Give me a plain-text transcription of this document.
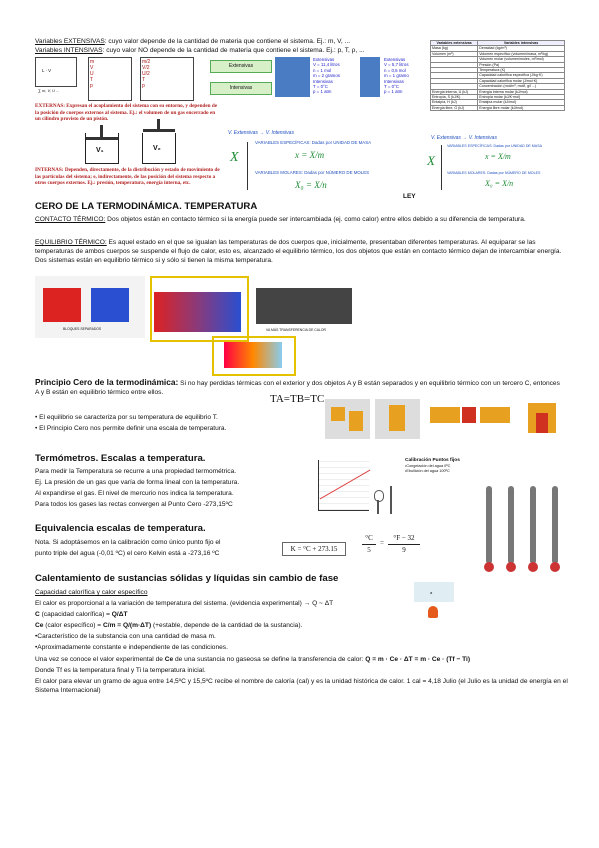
Variables EXTENSIVAS: cuyo valor depende de la cantidad de materia que contiene el sistema. Ej.: m, V, ...
Variables INTENSIVAS: cuyo valor NO depende de la cantidad de materia que contiene el sistema. Ej.: p, T, ρ, ...
L · V
∑ m, V, U ...
m
V
U
T
p
m/2
V/2
U/2
T
p
Extensivas
Intensivas
Extensivas
V = 11,4 litros
n = 1 mol
m = 2 gramos
Intensivas
T = 0°C
p = 1 atm
Extensivas
V = 5,7 litros
n = 0,5 mol
m = 1 gramo
Intensivas
T = 0°C
p = 1 atm
Variables extensivas	Variables intensivas
Masa (kg)	Densidad (kg/m³)
Volumen (m³)	Volumen específico (volumen/masa, m³/kg)
	Volumen molar (volumen/moles, m³/mol)
	Presión (Pa)
	Temperatura (K)
	Capacidad calorífica específica (J/kg·K)
	Capacidad calorífica molar (J/mol·K)
	Concentración (mol/m³, mol/l, g/l ...)
Energía interna, U (kJ)	Energía interna molar (kJ/mol)
Entropía, S (kJ/K)	Entropía molar (kJ/K·mol)
Entalpía, H (kJ)	Entalpía molar (kJ/mol)
Energía libre, G (kJ)	Energía libre molar (kJ/mol)
EXTERNAS: Expresan el acoplamiento del sistema con su entorno, y dependen de la posición de cuerpos externos al sistema. Ej.: el volumen de un gas encerrado en un cilindro provisto de un pistón.
V₁	V₂
INTERNAS: Dependen, directamente, de la distribución y estado de movimiento de las partículas del sistema; e, indirectamente, de las posición del sistema respecto a otros cuerpos externos. Ej.: presión, temperatura, energía interna, etc.
V. Extensivas → V. Intensivas
X
VARIABLES ESPECÍFICAS: Dadas por UNIDAD DE MASA
x = X/m
VARIABLES MOLARES: Dadas por NÚMERO DE MOLES
X₀ = X/n
V. Extensivas → V. Intensivas
X
VARIABLES ESPECÍFICAS: Dadas por UNIDAD DE MASA
x = X/m
VARIABLES MOLARES: Dadas por NÚMERO DE MOLES
X₀ = X/n
LEY
CERO DE LA TERMODINÁMICA. TEMPERATURA
CONTACTO TÉRMICO: Dos objetos están en contacto térmico si la energía puede ser intercambiada (ej. como calor) entre ellos debido a su diferencia de temperatura.
EQUILIBRIO TÉRMICO: Es aquel estado en el que se igualan las temperaturas de dos cuerpos que, inicialmente, presentaban diferentes temperaturas. Al equiparar se las temperaturas de ambos cuerpos se suspende el flujo de calor, esto es, alcanzado el equilibrio térmico, los dos objetos que están en contacto térmico dejan de intercambiar energía. Dos sistemas están en equilibrio térmico si y sólo si tienen la misma temperatura.
BLOQUES SEPARADOS	VA MÁS TRANSFERENCIA DE CALOR
Principio Cero de la termodinámica: Si no hay perdidas térmicas con el exterior y dos objetos A y B están separados y en equilibrio térmico con un tercero C, entonces A y B están en equilibrio térmico entre ellos.
• El equilibrio se caracteriza por su temperatura de equilibrio T.
• El Principio Cero nos permite definir una escala de temperatura.
TA=TB=TC
Termómetros. Escalas a temperatura.
Para medir la Temperatura se recurre a una propiedad termométrica.
Ej. La presión de un gas que varía de forma lineal con la temperatura.
Al expandirse el gas. El nivel de mercurio nos indica la temperatura.
Para todos los gases las rectas convergen al Punto Cero -273,15ºC
Calibración Puntos fijos
•Congelación del agua 0ºC
•Ebullición del agua 100ºC
Equivalencia escalas de temperatura.
Nota. Si adoptásemos en la calibración como único punto fijo el
punto triple del agua (-0,01 ºC) el cero Kelvin está a -273,16 ºC
K = °C + 273.15
°C
5
=
°F − 32
9
Calentamiento de sustancias sólidas y líquidas sin cambio de fase
Capacidad calorífica y calor específico
El calor es proporcional a la variación de temperatura del sistema. (evidencia experimental) → Q ~ ΔT
C (capacidad calorífica) = Q/ΔT
Ce (calor específico) = C/m = Q/(m·ΔT) (+estable, depende de la cantidad de la sustancia).
•Característico de la substancia con una cantidad de masa m.
•Aproximadamente constante e independiente de las condiciones.
Una vez se conoce el valor experimental de Ce de una sustancia no gaseosa se define la transferencia de calor: Q = m · Ce · ΔT = m · Ce · (Tf − Ti)
Donde Tf es la temperatura final y Ti la temperatura inicial.
El calor para elevar un gramo de agua entre 14,5ºC y 15,5ºC recibe el nombre de caloría (cal) y es la unidad histórica de calor. 1 cal = 4,18 Julio (el Julio es la unidad de energía en el Sistema Internacional)
a
